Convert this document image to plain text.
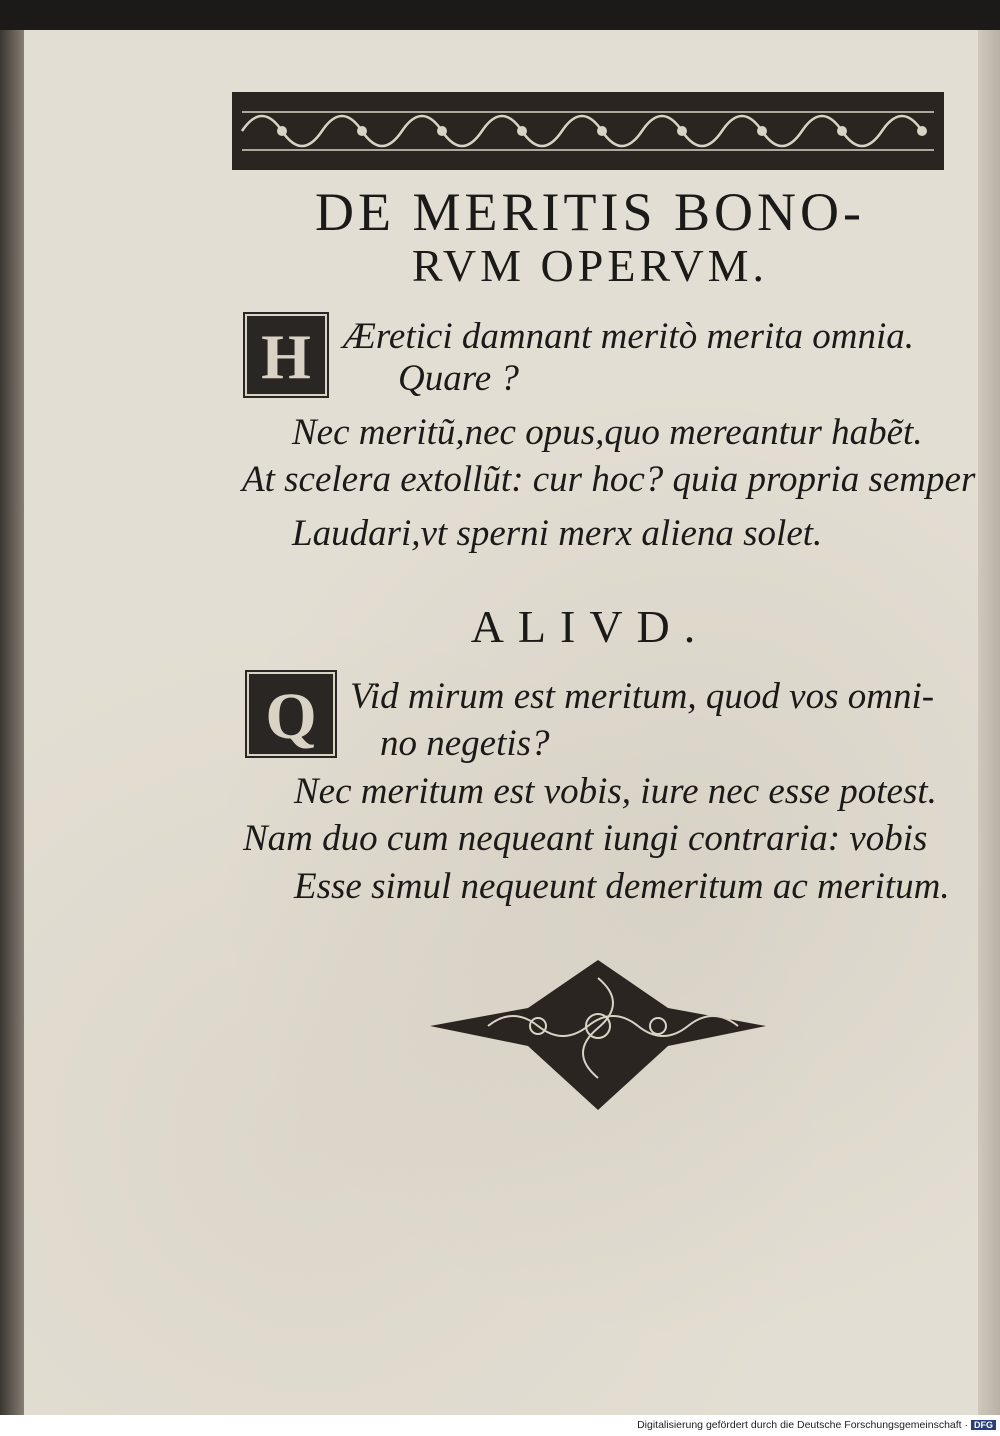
DE MERITIS BONO-
RVM OPERVM.
H Æretici damnant meritò merita omnia.
Quare ?
Nec meritũ,nec opus,quo mereantur habẽt.
At scelera extollũt: cur hoc? quia propria semper
Laudari,vt sperni merx aliena solet.
ALIVD.
Q Vid mirum est meritum, quod vos omni-
no negetis?
Nec meritum est vobis, iure nec esse potest.
Nam duo cum nequeant iungi contraria: vobis
Esse simul nequeunt demeritum ac meritum.
Digitalisierung gefördert durch die Deutsche Forschungsgemeinschaft · DFG
